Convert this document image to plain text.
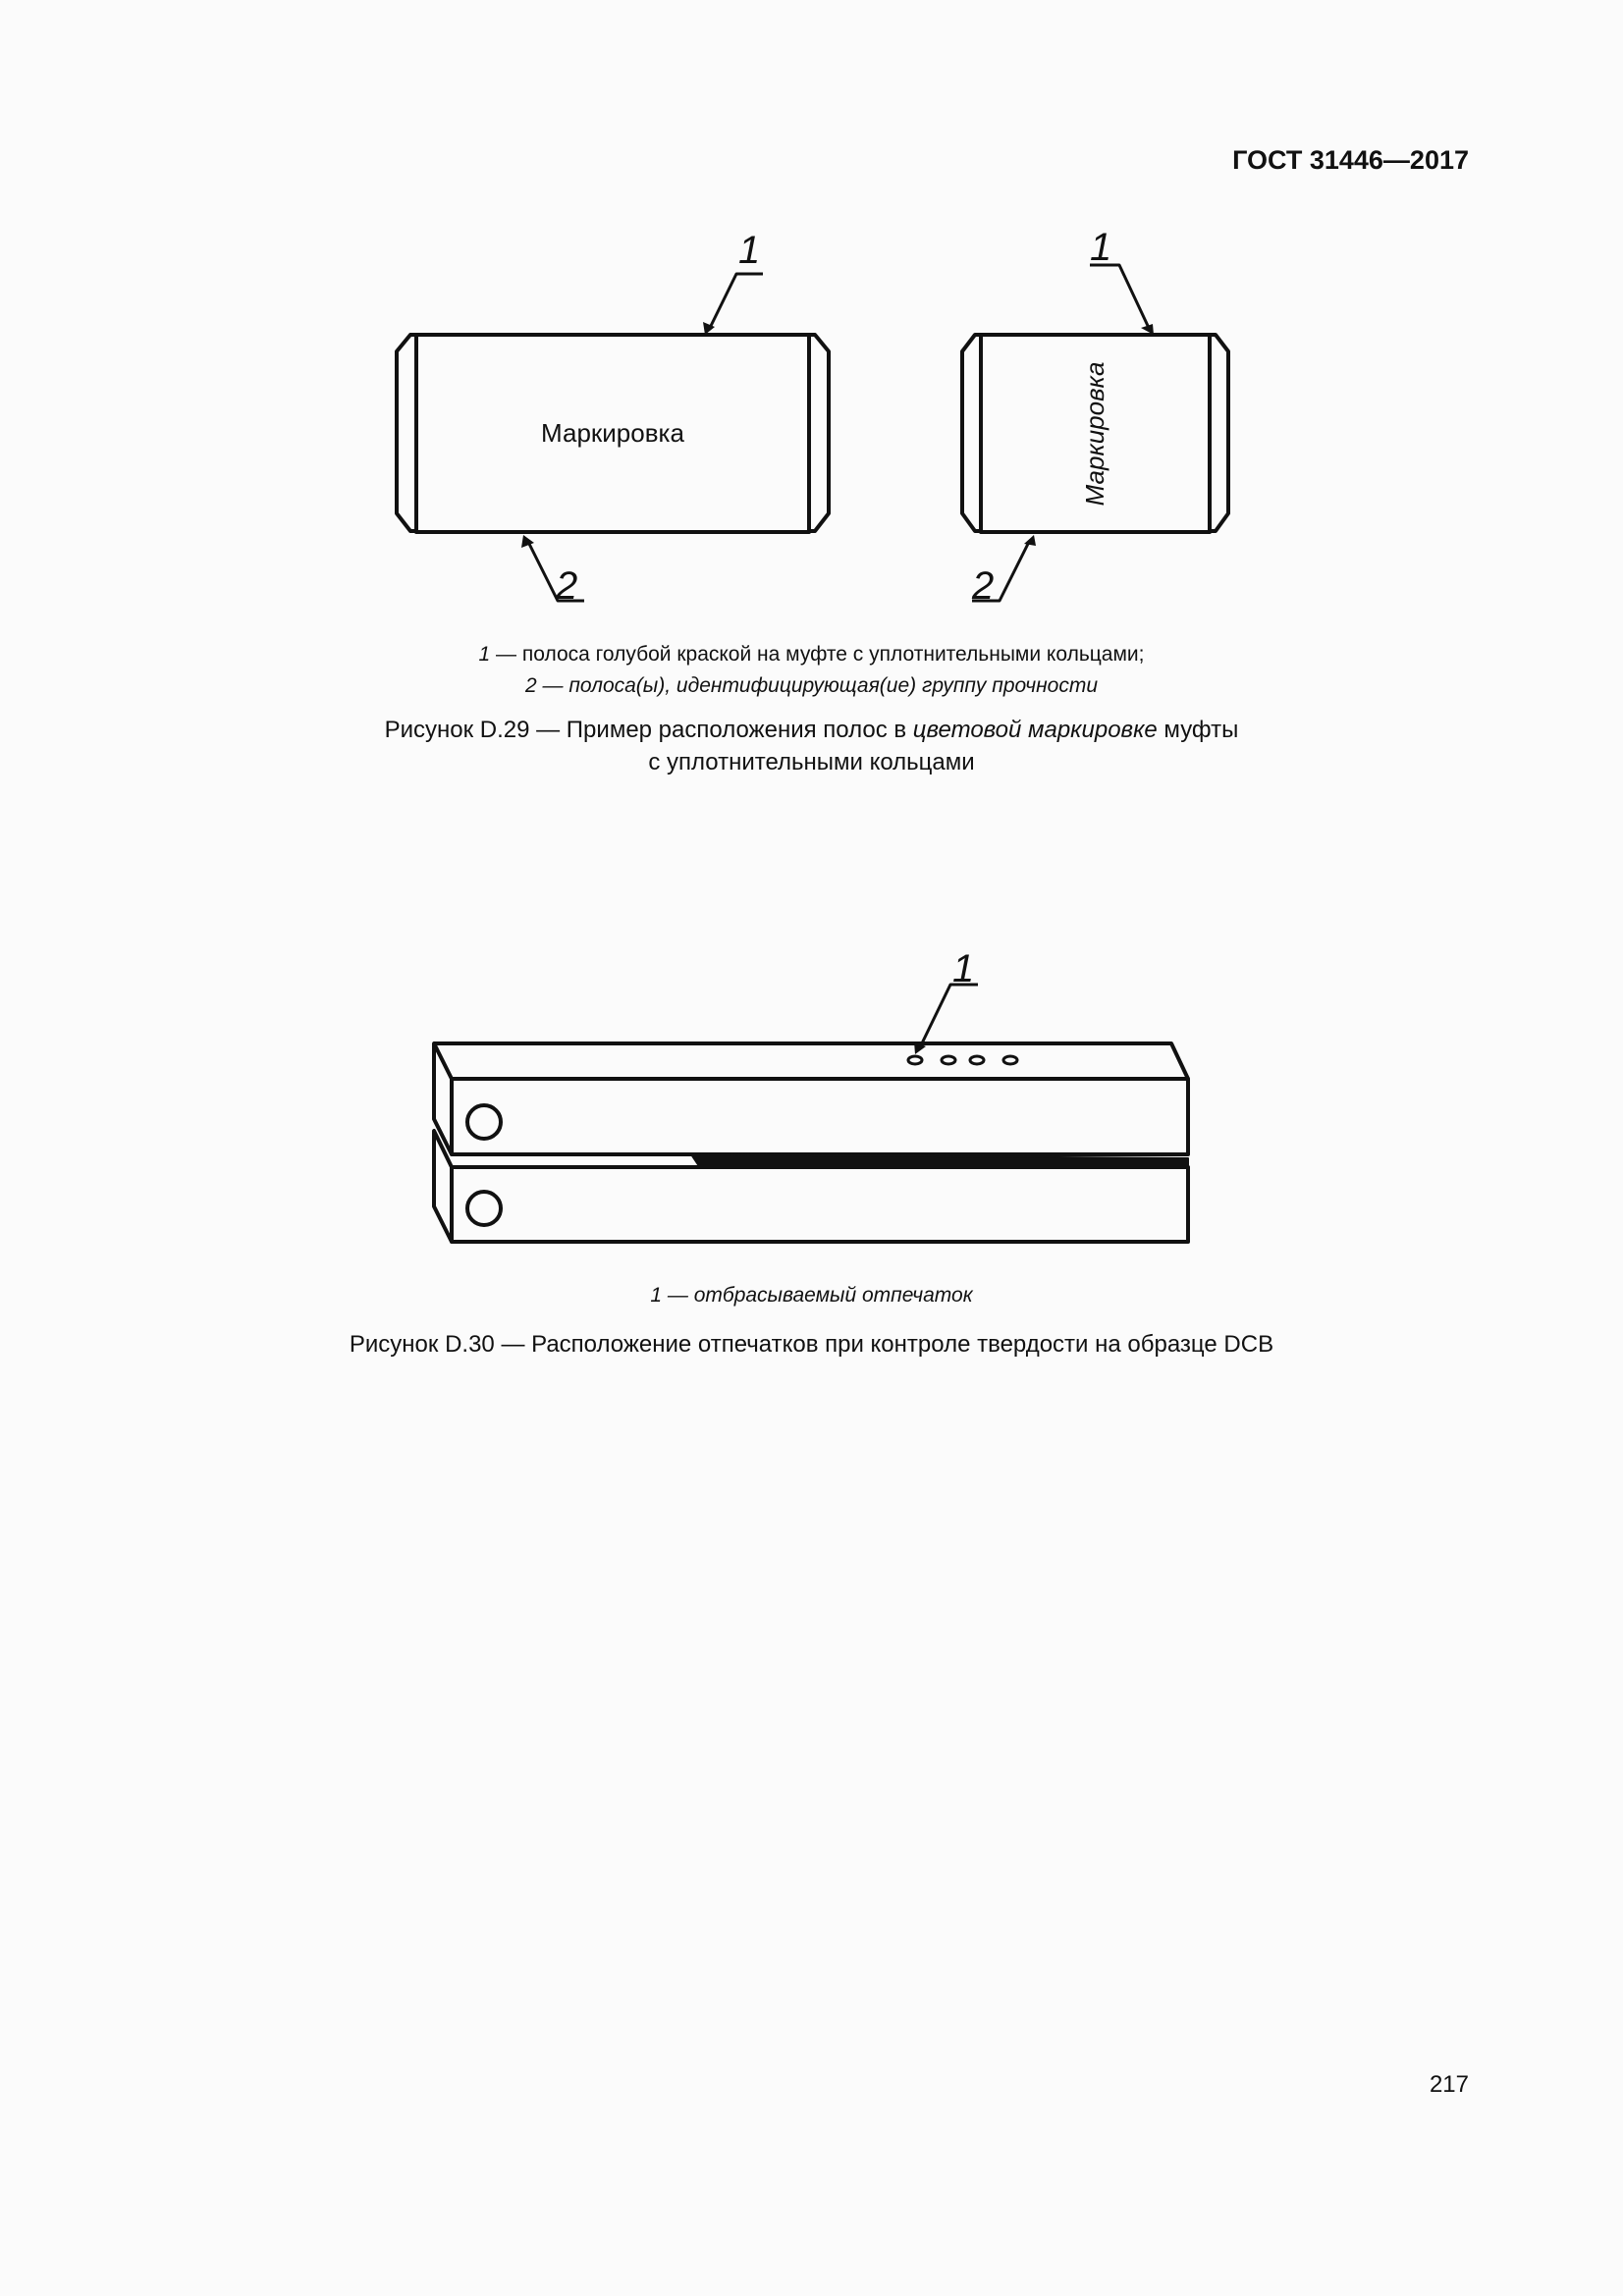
ГОСТ 31446—2017
1
2
1
2
Маркировка	Маркировка
1 — полоса голубой краской на муфте с уплотнительными кольцами;
2 — полоса(ы), идентифицирующая(ие) группу прочности
Рисунок D.29 — Пример расположения полос в цветовой маркировке муфты
с уплотнительными кольцами
1
1 — отбрасываемый отпечаток
Рисунок D.30 — Расположение отпечатков при контроле твердости на образце DCB
217
